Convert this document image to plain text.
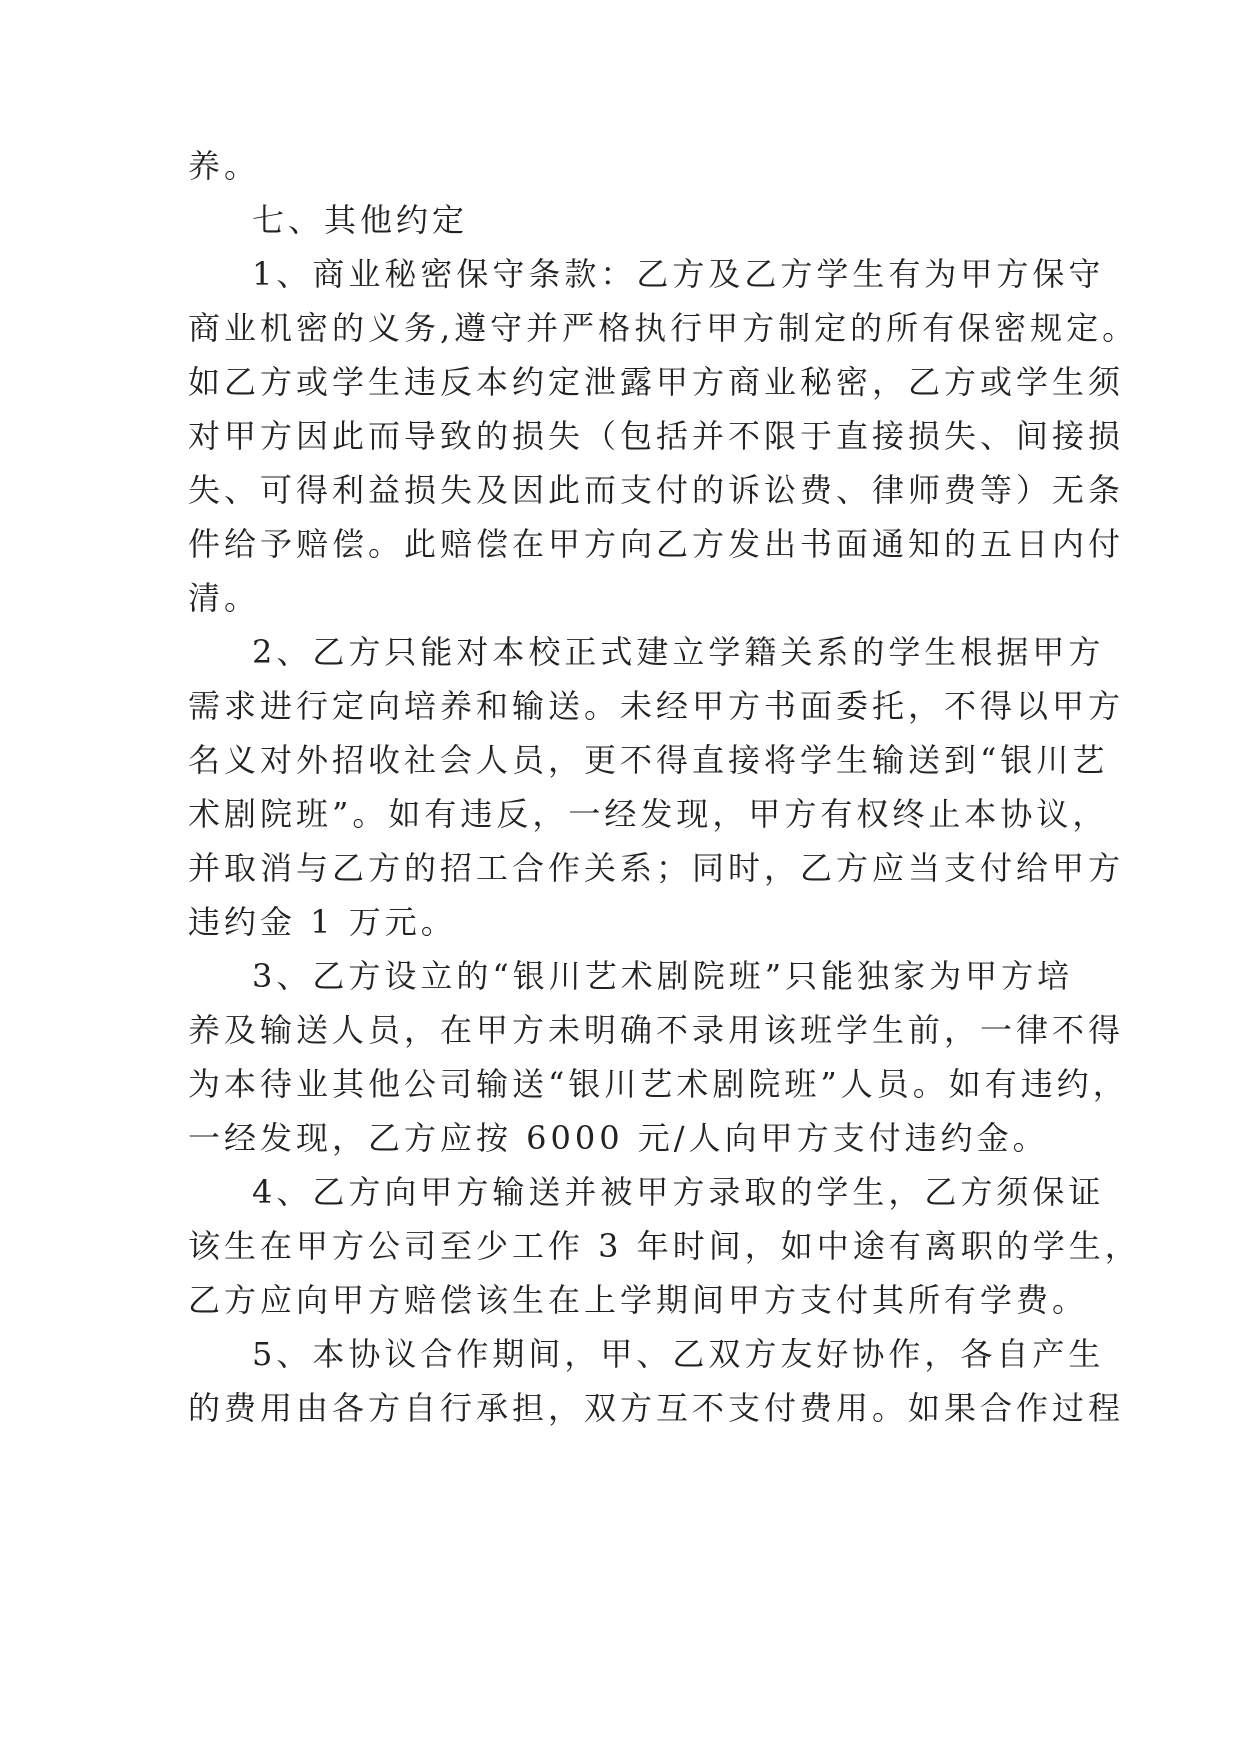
养。
七、其他约定
1、商业秘密保守条款：乙方及乙方学生有为甲方保守
商业机密的义务,遵守并严格执行甲方制定的所有保密规定。
如乙方或学生违反本约定泄露甲方商业秘密，乙方或学生须
对甲方因此而导致的损失（包括并不限于直接损失、间接损
失、可得利益损失及因此而支付的诉讼费、律师费等）无条
件给予赔偿。此赔偿在甲方向乙方发出书面通知的五日内付
清。
2、乙方只能对本校正式建立学籍关系的学生根据甲方
需求进行定向培养和输送。未经甲方书面委托，不得以甲方
名义对外招收社会人员，更不得直接将学生输送到“银川艺
术剧院班”。如有违反，一经发现，甲方有权终止本协议，
并取消与乙方的招工合作关系；同时，乙方应当支付给甲方
违约金 1 万元。
3、乙方设立的“银川艺术剧院班”只能独家为甲方培
养及输送人员，在甲方未明确不录用该班学生前，一律不得
为本待业其他公司输送“银川艺术剧院班”人员。如有违约，
一经发现，乙方应按 6000 元/人向甲方支付违约金。
4、乙方向甲方输送并被甲方录取的学生，乙方须保证
该生在甲方公司至少工作 3 年时间，如中途有离职的学生，
乙方应向甲方赔偿该生在上学期间甲方支付其所有学费。
5、本协议合作期间，甲、乙双方友好协作，各自产生
的费用由各方自行承担，双方互不支付费用。如果合作过程
